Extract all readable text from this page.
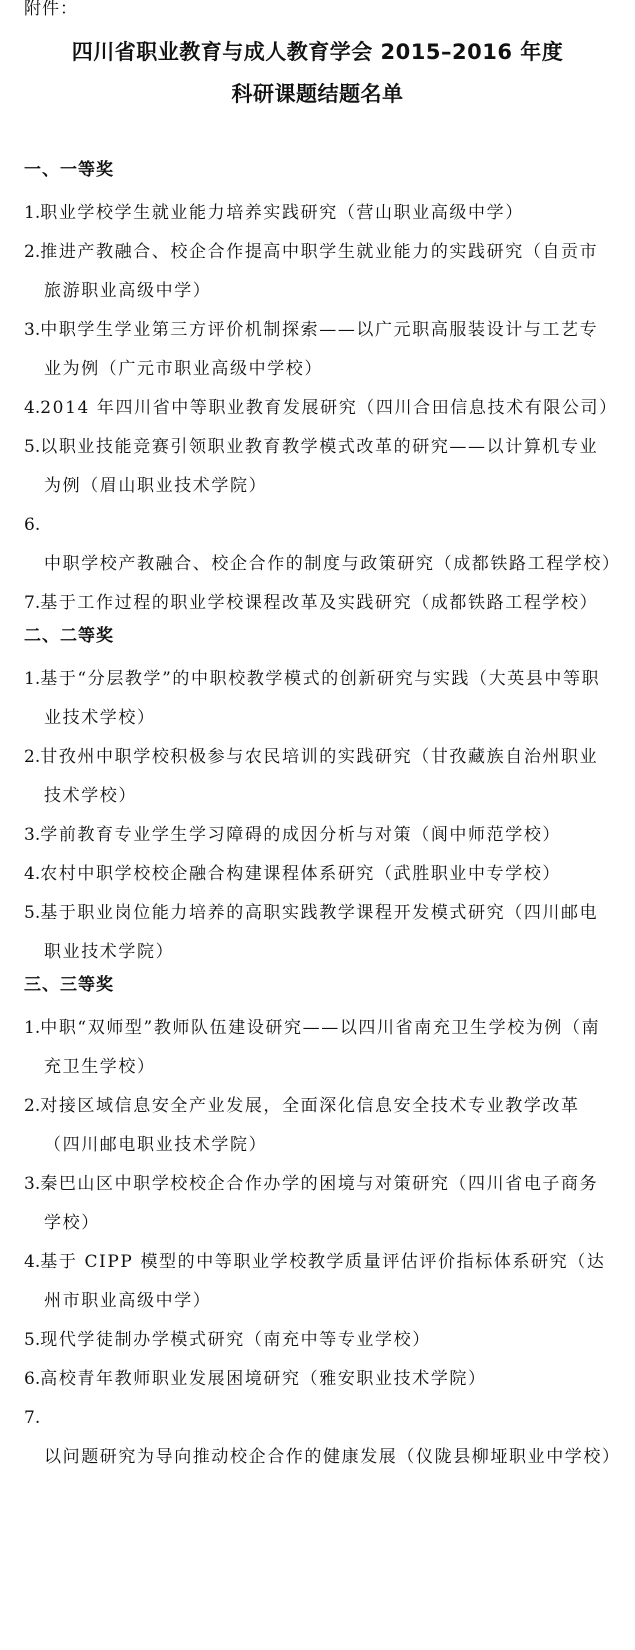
附件：
四川省职业教育与成人教育学会 2015–2016 年度
科研课题结题名单
一、一等奖
1.职业学校学生就业能力培养实践研究（营山职业高级中学）
2.推进产教融合、校企合作提高中职学生就业能力的实践研究（自贡市旅游职业高级中学）
3.中职学生学业第三方评价机制探索——以广元职高服装设计与工艺专业为例（广元市职业高级中学校）
4.2014 年四川省中等职业教育发展研究（四川合田信息技术有限公司）
5.以职业技能竞赛引领职业教育教学模式改革的研究——以计算机专业为例（眉山职业技术学院）
6.中职学校产教融合、校企合作的制度与政策研究（成都铁路工程学校）
7.基于工作过程的职业学校课程改革及实践研究（成都铁路工程学校）
二、二等奖
1.基于“分层教学”的中职校教学模式的创新研究与实践（大英县中等职业技术学校）
2.甘孜州中职学校积极参与农民培训的实践研究（甘孜藏族自治州职业技术学校）
3.学前教育专业学生学习障碍的成因分析与对策（阆中师范学校）
4.农村中职学校校企融合构建课程体系研究（武胜职业中专学校）
5.基于职业岗位能力培养的高职实践教学课程开发模式研究（四川邮电职业技术学院）
三、三等奖
1.中职“双师型”教师队伍建设研究——以四川省南充卫生学校为例（南充卫生学校）
2.对接区域信息安全产业发展，全面深化信息安全技术专业教学改革（四川邮电职业技术学院）
3.秦巴山区中职学校校企合作办学的困境与对策研究（四川省电子商务学校）
4.基于 CIPP 模型的中等职业学校教学质量评估评价指标体系研究（达州市职业高级中学）
5.现代学徒制办学模式研究（南充中等专业学校）
6.高校青年教师职业发展困境研究（雅安职业技术学院）
7.以问题研究为导向推动校企合作的健康发展（仪陇县柳垭职业中学校）
